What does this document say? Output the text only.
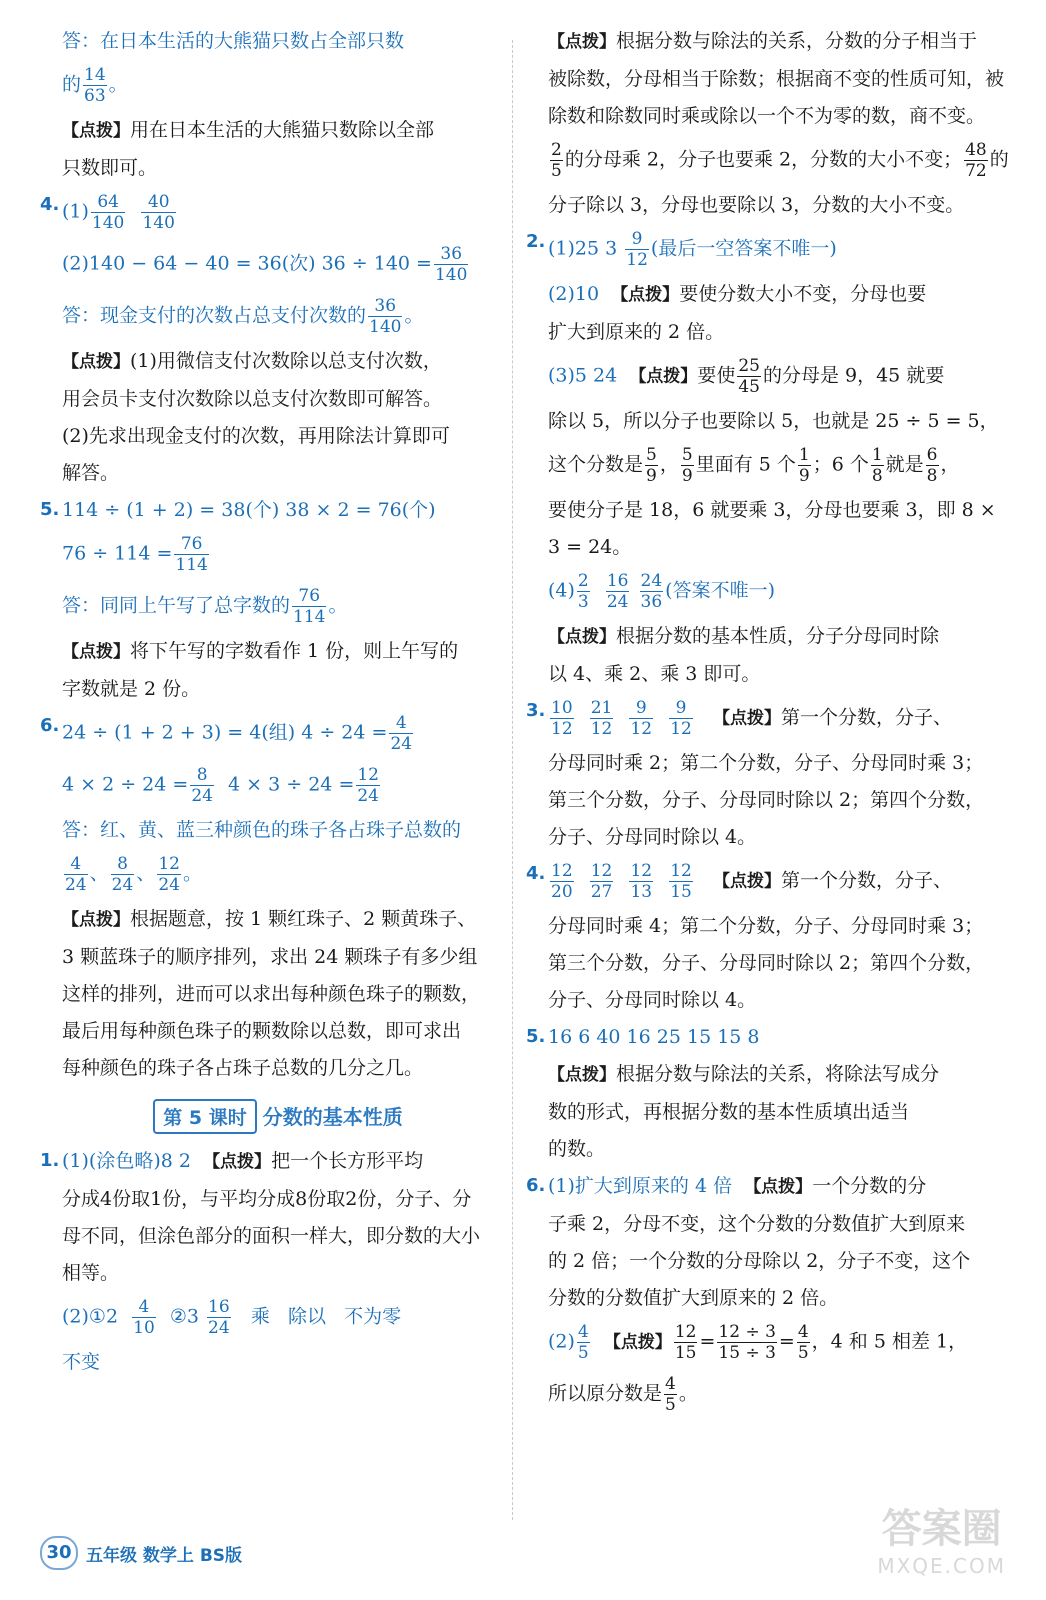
答：在日本生活的大熊猫只数占全部只数
的 $\frac{14}{63}$ 。
【点拨】用在日本生活的大熊猫只数除以全部
只数即可。
4. $(1) \frac{64}{140}$
$\frac{40}{140}$
(2)140 − 64 − 40 = 36(次) $36 \div 140 = \frac{36}{140}$
答：现金支付的次数占总支付次数的 $\frac{36}{140}$ 。
【点拨】(1)用微信支付次数除以总支付次数，
用会员卡支付次数除以总支付次数即可解答。
(2)先求出现金支付的次数，再用除法计算即可
解答。
5. 114 ÷ (1 + 2) = 38(个) 38 × 2 = 76(个)
$76 \div 114 = \frac{76}{114}$
答：同同上午写了总字数的 $\frac{76}{114}$ 。
【点拨】将下午写的字数看作 1 份，则上午写的
字数就是 2 份。
6. 24 ÷ (1 + 2 + 3) = 4(组) $4 \div 24 = \frac{4}{24}$
$4 \times 2 \div 24 = \frac{8}{24} 4 \times 3 \div 24 = \frac{12}{24}$
答：红、黄、蓝三种颜色的珠子各占珠子总数的
$\frac{4}{24}$ 、 $\frac{8}{24}$ 、 $\frac{12}{24}$ 。
【点拨】根据题意，按 1 颗红珠子、2 颗黄珠子、
3 颗蓝珠子的顺序排列，求出 24 颗珠子有多少组
这样的排列，进而可以求出每种颜色珠子的颗数，
最后用每种颜色珠子的颗数除以总数，即可求出
每种颜色的珠子各占珠子总数的几分之几。
第 5 课时 分数的基本性质
1. (1)(涂色略)8 2 【点拨】把一个长方形平均
分成4份取1份，与平均分成8份取2份，分子、分
母不同，但涂色部分的面积一样大，即分数的大小
相等。
(2)①2 $\frac{4}{10}$ ②3 $\frac{16}{24}$ 乘 除以 不为零
不变
【点拨】根据分数与除法的关系，分数的分子相当于
被除数，分母相当于除数；根据商不变的性质可知，被
除数和除数同时乘或除以一个不为零的数，商不变。
$\frac{2}{5}$ 的分母乘 2，分子也要乘 2，分数的大小不变； $\frac{48}{72}$ 的
分子除以 3，分母也要除以 3，分数的大小不变。
2. (1)25 $3 \frac{9}{12}$ (最后一空答案不唯一)
(2)10 【点拨】要使分数大小不变，分母也要
扩大到原来的 2 倍。
(3)5 24 【点拨】要使 $\frac{25}{45}$ 的分母是 9，45 就要
除以 5，所以分子也要除以 5，也就是 25 ÷ 5 = 5，
这个分数是 $\frac{5}{9}$ ， $\frac{5}{9}$ 里面有 5 个 $\frac{1}{9}$ ；6 个 $\frac{1}{8}$ 就是 $\frac{6}{8}$ ，
要使分子是 18，6 就要乘 3，分母也要乘 3，即 8 ×
3 = 24。
$(4) \frac{2}{3}$
$\frac{16}{24}$
$\frac{24}{36}$ (答案不唯一)
【点拨】根据分数的基本性质，分子分母同时除
以 4、乘 2、乘 3 即可。
3. $\frac{10}{12}$
$\frac{21}{12}$
$\frac{9}{12}$
$\frac{9}{12}$ 【点拨】第一个分数，分子、
分母同时乘 2；第二个分数，分子、分母同时乘 3；
第三个分数，分子、分母同时除以 2；第四个分数，
分子、分母同时除以 4。
4. $\frac{12}{20}$
$\frac{12}{27}$
$\frac{12}{13}$
$\frac{12}{15}$ 【点拨】第一个分数，分子、
分母同时乘 4；第二个分数，分子、分母同时乘 3；
第三个分数，分子、分母同时除以 2；第四个分数，
分子、分母同时除以 4。
5. 16 6 40 16 25 15 15 8
【点拨】根据分数与除法的关系，将除法写成分
数的形式，再根据分数的基本性质填出适当
的数。
6. (1)扩大到原来的 4 倍 【点拨】一个分数的分
子乘 2，分母不变，这个分数的分数值扩大到原来
的 2 倍；一个分数的分母除以 2，分子不变，这个
分数的分数值扩大到原来的 2 倍。
$(2) \frac{4}{5}$ 【点拨】 $\frac{12}{15} = \frac{12 \div 3}{15 \div 3} = \frac{4}{5}$ ，4 和 5 相差 1，
所以原分数是 $\frac{4}{5}$ 。
30 五年级 数学上 BS版
答案圈
MXQE.COM
